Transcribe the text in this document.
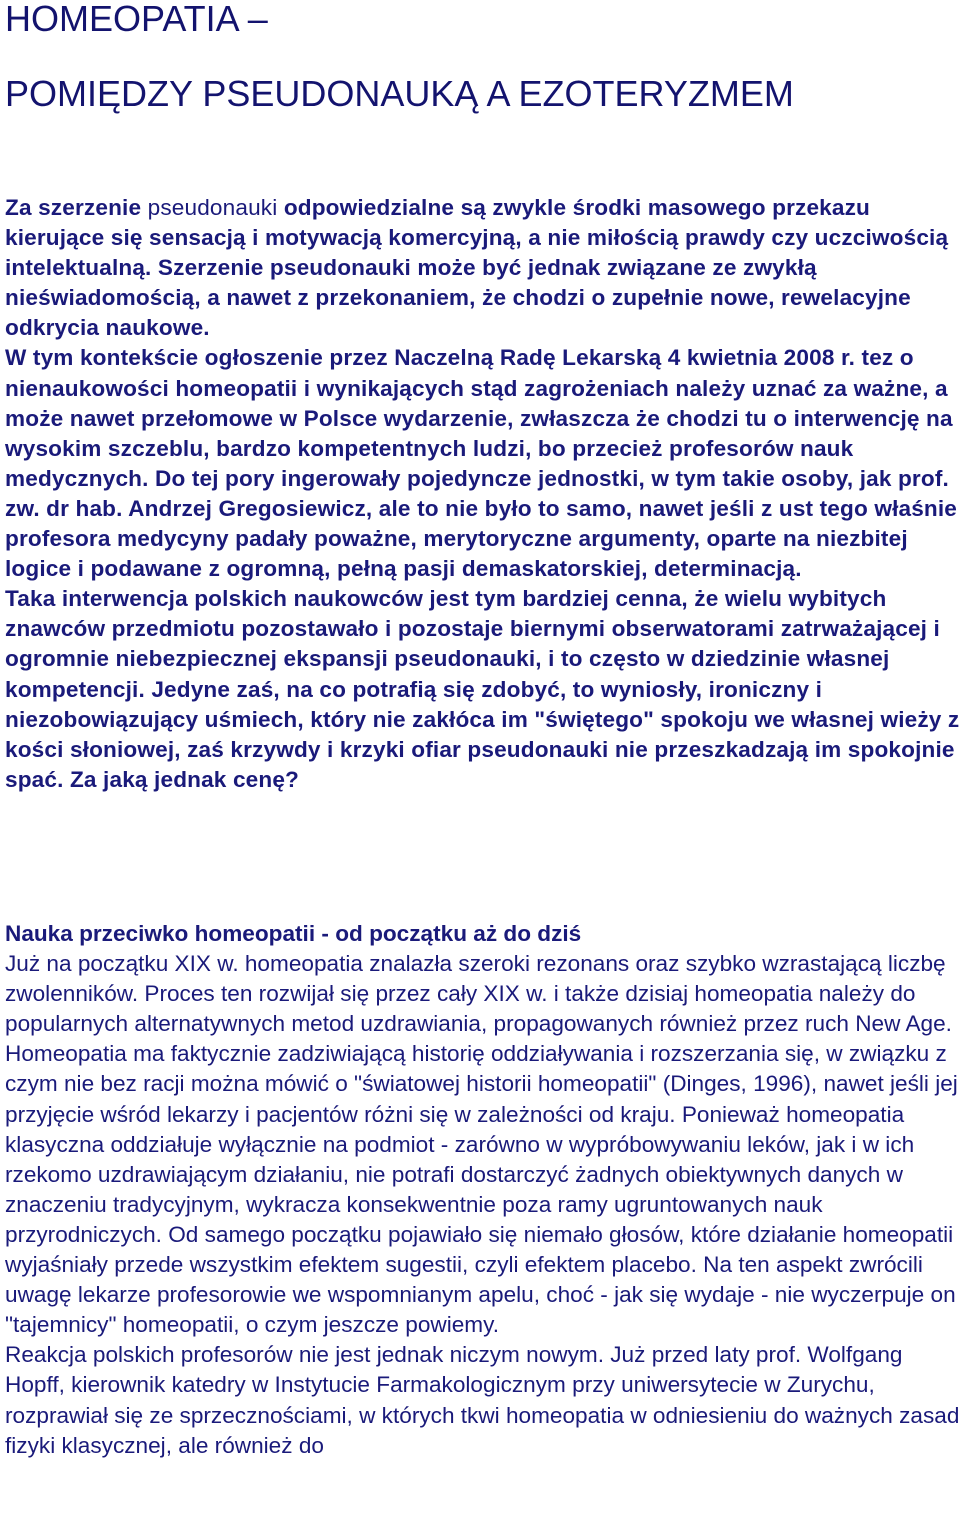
HOMEOPATIA –
POMIĘDZY PSEUDONAUKĄ A EZOTERYZMEM
Za szerzenie pseudonauki odpowiedzialne są zwykle środki masowego przekazu kierujące się sensacją i motywacją komercyjną, a nie miłością prawdy czy uczciwością intelektualną. Szerzenie pseudonauki może być jednak związane ze zwykłą nieświadomością, a nawet z przekonaniem, że chodzi o zupełnie nowe, rewelacyjne odkrycia naukowe.
W tym kontekście ogłoszenie przez Naczelną Radę Lekarską 4 kwietnia 2008 r. tez o nienaukowości homeopatii i wynikających stąd zagrożeniach należy uznać za ważne, a może nawet przełomowe w Polsce wydarzenie, zwłaszcza że chodzi tu o interwencję na wysokim szczeblu, bardzo kompetentnych ludzi, bo przecież profesorów nauk medycznych. Do tej pory ingerowały pojedyncze jednostki, w tym takie osoby, jak prof. zw. dr hab. Andrzej Gregosiewicz, ale to nie było to samo, nawet jeśli z ust tego właśnie profesora medycyny padały poważne, merytoryczne argumenty, oparte na niezbitej logice i podawane z ogromną, pełną pasji demaskatorskiej, determinacją.
Taka interwencja polskich naukowców jest tym bardziej cenna, że wielu wybitych znawców przedmiotu pozostawało i pozostaje biernymi obserwatorami zatrważającej i ogromnie niebezpiecznej ekspansji pseudonauki, i to często w dziedzinie własnej kompetencji. Jedyne zaś, na co potrafią się zdobyć, to wyniosły, ironiczny i niezobowiązujący uśmiech, który nie zakłóca im "świętego" spokoju we własnej wieży z kości słoniowej, zaś krzywdy i krzyki ofiar pseudonauki nie przeszkadzają im spokojnie spać. Za jaką jednak cenę?
Nauka przeciwko homeopatii - od początku aż do dziś

Już na początku XIX w. homeopatia znalazła szeroki rezonans oraz szybko wzrastającą liczbę zwolenników. Proces ten rozwijał się przez cały XIX w. i także dzisiaj homeopatia należy do popularnych alternatywnych metod uzdrawiania, propagowanych również przez ruch New Age. Homeopatia ma faktycznie zadziwiającą historię oddziaływania i rozszerzania się, w związku z czym nie bez racji można mówić o "światowej historii homeopatii" (Dinges, 1996), nawet jeśli jej przyjęcie wśród lekarzy i pacjentów różni się w zależności od kraju. Ponieważ homeopatia klasyczna oddziałuje wyłącznie na podmiot - zarówno w wypróbowywaniu leków, jak i w ich rzekomo uzdrawiającym działaniu, nie potrafi dostarczyć żadnych obiektywnych danych w znaczeniu tradycyjnym, wykracza konsekwentnie poza ramy ugruntowanych nauk przyrodniczych. Od samego początku pojawiało się niemało głosów, które działanie homeopatii wyjaśniały przede wszystkim efektem sugestii, czyli efektem placebo. Na ten aspekt zwrócili uwagę lekarze profesorowie we wspomnianym apelu, choć - jak się wydaje - nie wyczerpuje on "tajemnicy" homeopatii, o czym jeszcze powiemy.

Reakcja polskich profesorów nie jest jednak niczym nowym. Już przed laty prof. Wolfgang Hopff, kierownik katedry w Instytucie Farmakologicznym przy uniwersytecie w Zurychu, rozprawiał się ze sprzecznościami, w których tkwi homeopatia w odniesieniu do ważnych zasad fizyki klasycznej, ale również do
